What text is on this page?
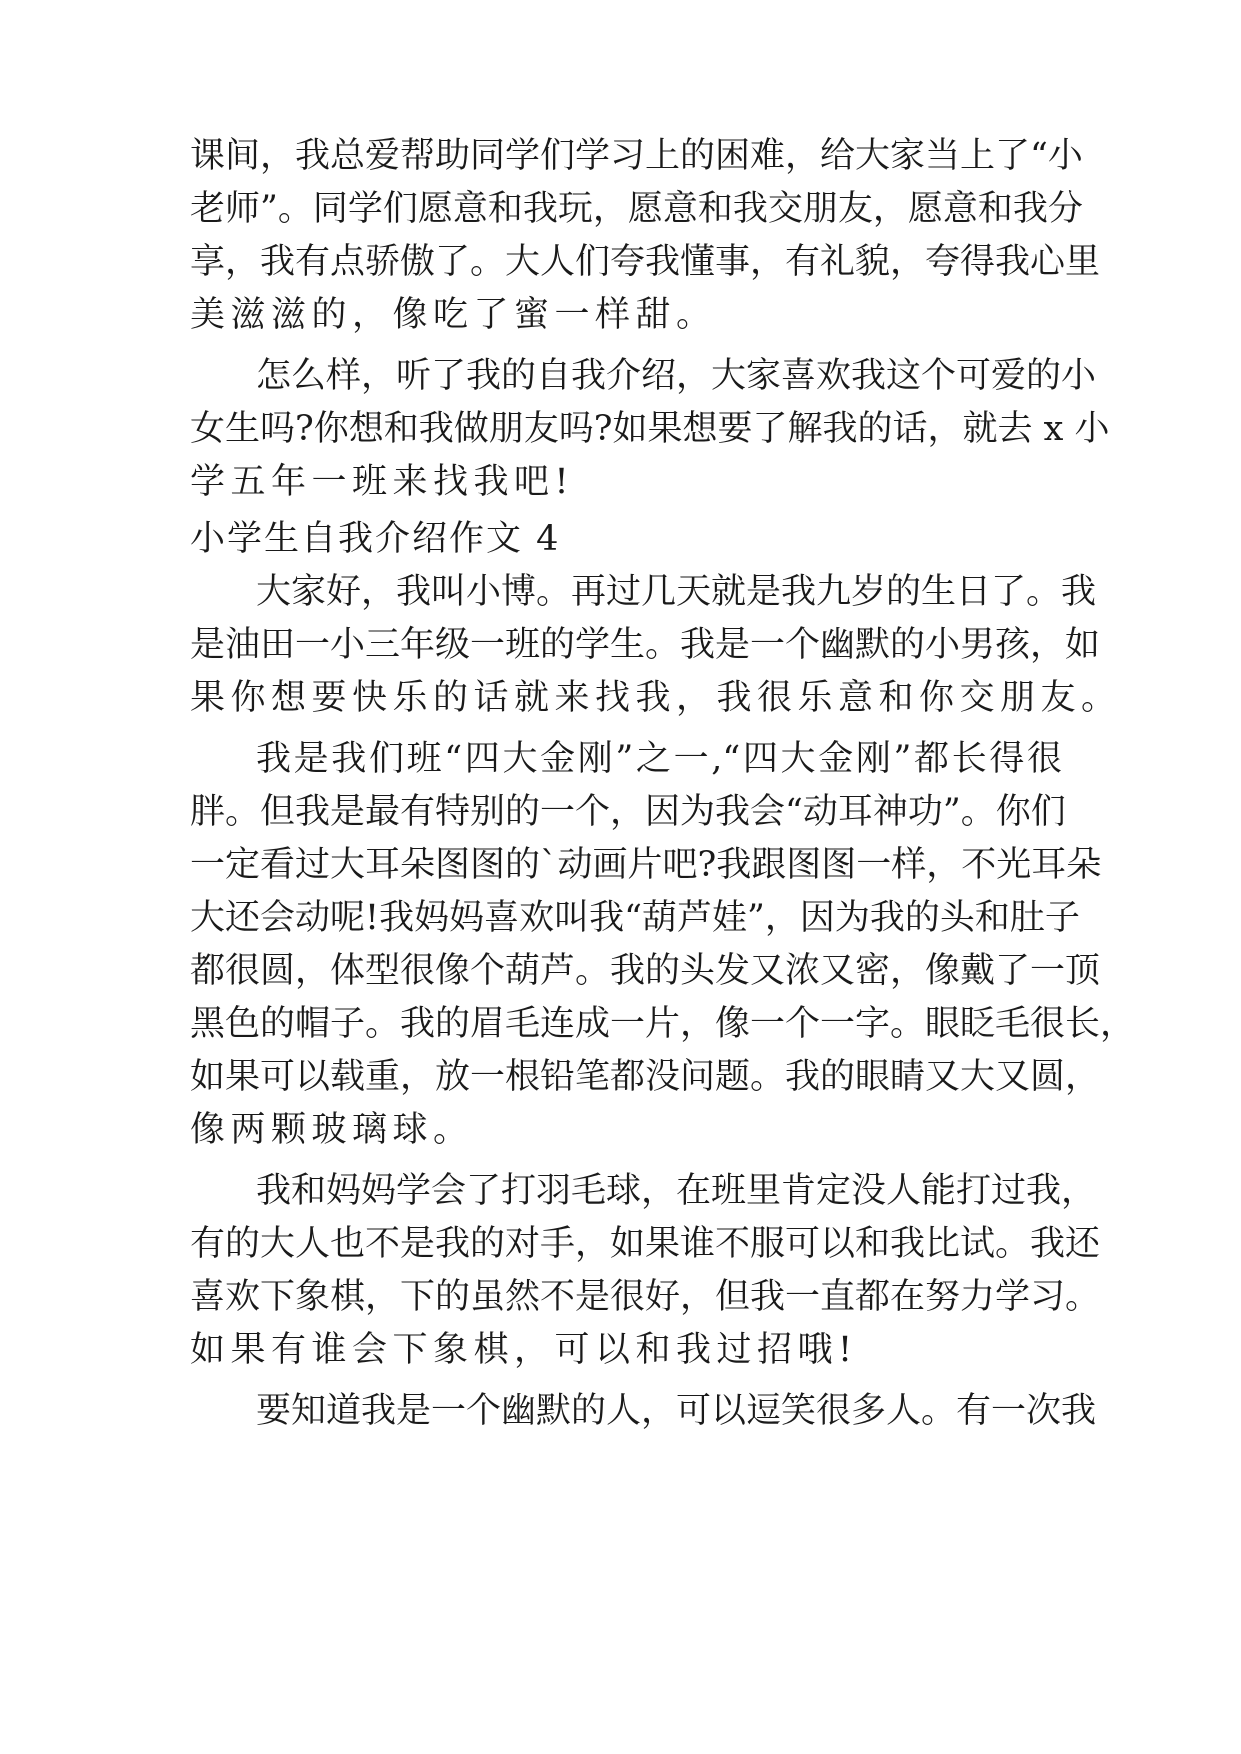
课间，我总爱帮助同学们学习上的困难，给大家当上了“小
老师”。同学们愿意和我玩，愿意和我交朋友，愿意和我分
享，我有点骄傲了。大人们夸我懂事，有礼貌，夸得我心里
美滋滋的，像吃了蜜一样甜。
怎么样，听了我的自我介绍，大家喜欢我这个可爱的小
女生吗?你想和我做朋友吗?如果想要了解我的话，就去 x 小
学五年一班来找我吧!
小学生自我介绍作文 4
大家好，我叫小博。再过几天就是我九岁的生日了。我
是油田一小三年级一班的学生。我是一个幽默的小男孩，如
果你想要快乐的话就来找我，我很乐意和你交朋友。
我是我们班“四大金刚”之一,“四大金刚”都长得很
胖。但我是最有特别的一个，因为我会“动耳神功”。你们
一定看过大耳朵图图的`动画片吧?我跟图图一样，不光耳朵
大还会动呢!我妈妈喜欢叫我“葫芦娃”，因为我的头和肚子
都很圆，体型很像个葫芦。我的头发又浓又密，像戴了一顶
黑色的帽子。我的眉毛连成一片，像一个一字。眼眨毛很长，
如果可以载重，放一根铅笔都没问题。我的眼睛又大又圆，
像两颗玻璃球。
我和妈妈学会了打羽毛球，在班里肯定没人能打过我，
有的大人也不是我的对手，如果谁不服可以和我比试。我还
喜欢下象棋，下的虽然不是很好，但我一直都在努力学习。
如果有谁会下象棋，可以和我过招哦!
要知道我是一个幽默的人，可以逗笑很多人。有一次我
